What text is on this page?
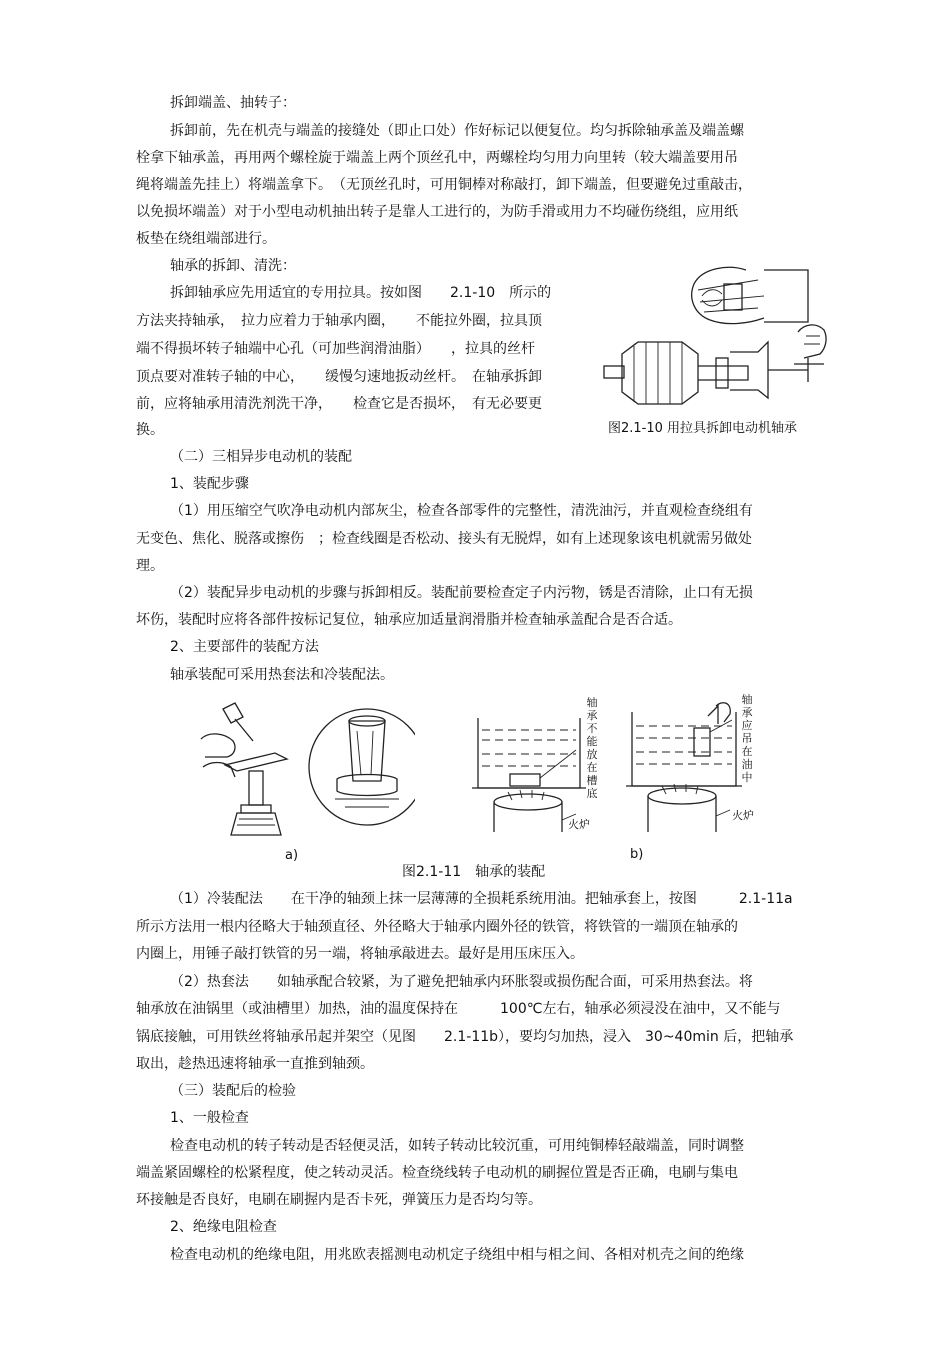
拆卸端盖、抽转子：
拆卸前，先在机壳与端盖的接缝处（即止口处）作好标记以便复位。均匀拆除轴承盖及端盖螺
栓拿下轴承盖，再用两个螺栓旋于端盖上两个顶丝孔中，两螺栓均匀用力向里转（较大端盖要用吊
绳将端盖先挂上）将端盖拿下。　（无顶丝孔时，可用铜棒对称敲打，卸下端盖，但要避免过重敲击，
以免损坏端盖）对于小型电动机抽出转子是靠人工进行的，为防手滑或用力不均碰伤绕组，应用纸
板垫在绕组端部进行。
轴承的拆卸、清洗：
拆卸轴承应先用适宜的专用拉具。按如图　　2.1-10　所示的
方法夹持轴承，　拉力应着力于轴承内圈，　　不能拉外圈，拉具顶
端不得损坏转子轴端中心孔（可加些润滑油脂）　　，拉具的丝杆
顶点要对准转子轴的中心，　　缓慢匀速地扳动丝杆。　在轴承拆卸
前，应将轴承用清洗剂洗干净，　　检查它是否损坏，　有无必要更
换。	图2.1-10 用拉具拆卸电动机轴承
（二）三相异步电动机的装配
1、装配步骤
（1）用压缩空气吹净电动机内部灰尘，检查各部零件的完整性，清洗油污，并直观检查绕组有
无变色、焦化、脱落或擦伤　；检查线圈是否松动、接头有无脱焊，如有上述现象该电机就需另做处
理。
（2）装配异步电动机的步骤与拆卸相反。装配前要检查定子内污物，锈是否清除，止口有无损
坏伤，装配时应将各部件按标记复位，轴承应加适量润滑脂并检查轴承盖配合是否合适。
2、主要部件的装配方法
轴承装配可采用热套法和冷装配法。
轴承不能放在槽底
火炉
轴承应吊在油中
火炉
a)	b)
图2.1-11　轴承的装配
（1）冷装配法　　在干净的轴颈上抹一层薄薄的全损耗系统用油。把轴承套上，按图　　　2.1-11a
所示方法用一根内径略大于轴颈直径、外径略大于轴承内圈外径的铁管，将铁管的一端顶在轴承的
内圈上，用锤子敲打铁管的另一端，将轴承敲进去。最好是用压床压入。
（2）热套法　　如轴承配合较紧，为了避免把轴承内环胀裂或损伤配合面，可采用热套法。将
轴承放在油锅里（或油槽里）加热，油的温度保持在　　　100℃左右，轴承必须浸没在油中，又不能与
锅底接触，可用铁丝将轴承吊起并架空（见图　　2.1-11b），要均匀加热，浸入　30~40min 后，把轴承
取出，趁热迅速将轴承一直推到轴颈。
（三）装配后的检验
1、一般检查
检查电动机的转子转动是否轻便灵活，如转子转动比较沉重，可用纯铜棒轻敲端盖，同时调整
端盖紧固螺栓的松紧程度，使之转动灵活。检查绕线转子电动机的刷握位置是否正确，电刷与集电
环接触是否良好，电刷在刷握内是否卡死，弹簧压力是否均匀等。
2、绝缘电阻检查
检查电动机的绝缘电阻，用兆欧表摇测电动机定子绕组中相与相之间、各相对机壳之间的绝缘
